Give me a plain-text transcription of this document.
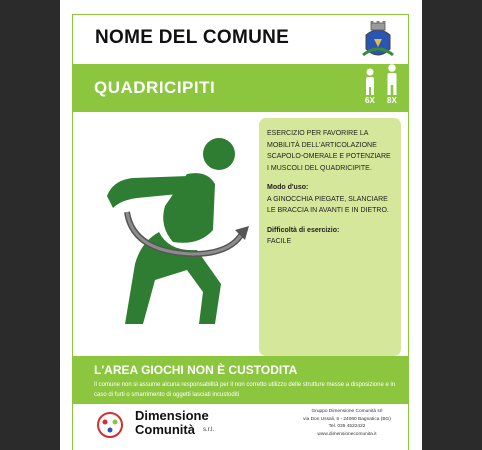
NOME DEL COMUNE
QUADRICIPITI
6X 8X
ESERCIZIO PER FAVORIRE LA MOBILITÀ DELL'ARTICOLAZIONE SCAPOLO-OMERALE E POTENZIARE I MUSCOLI DEL QUADRICIPITE.
Modo d'uso:
A GINOCCHIA PIEGATE, SLANCIARE LE BRACCIA IN AVANTI E IN DIETRO.
Difficoltà di esercizio:
FACILE
L'AREA GIOCHI NON È CUSTODITA
Il comune non si assume alcuna responsabilità per il non corretto utilizzo delle strutture messe a disposizione e in caso di furti o smarrimento di oggetti lasciati incustoditi
Dimensione
Comunità s.r.l.
Gruppo Dimensione Comunità srl
via Don Ussali, 6 - 24060 Bagnatica (BG)
Tel. 035 4522422
www.dimensionecomunita.it
